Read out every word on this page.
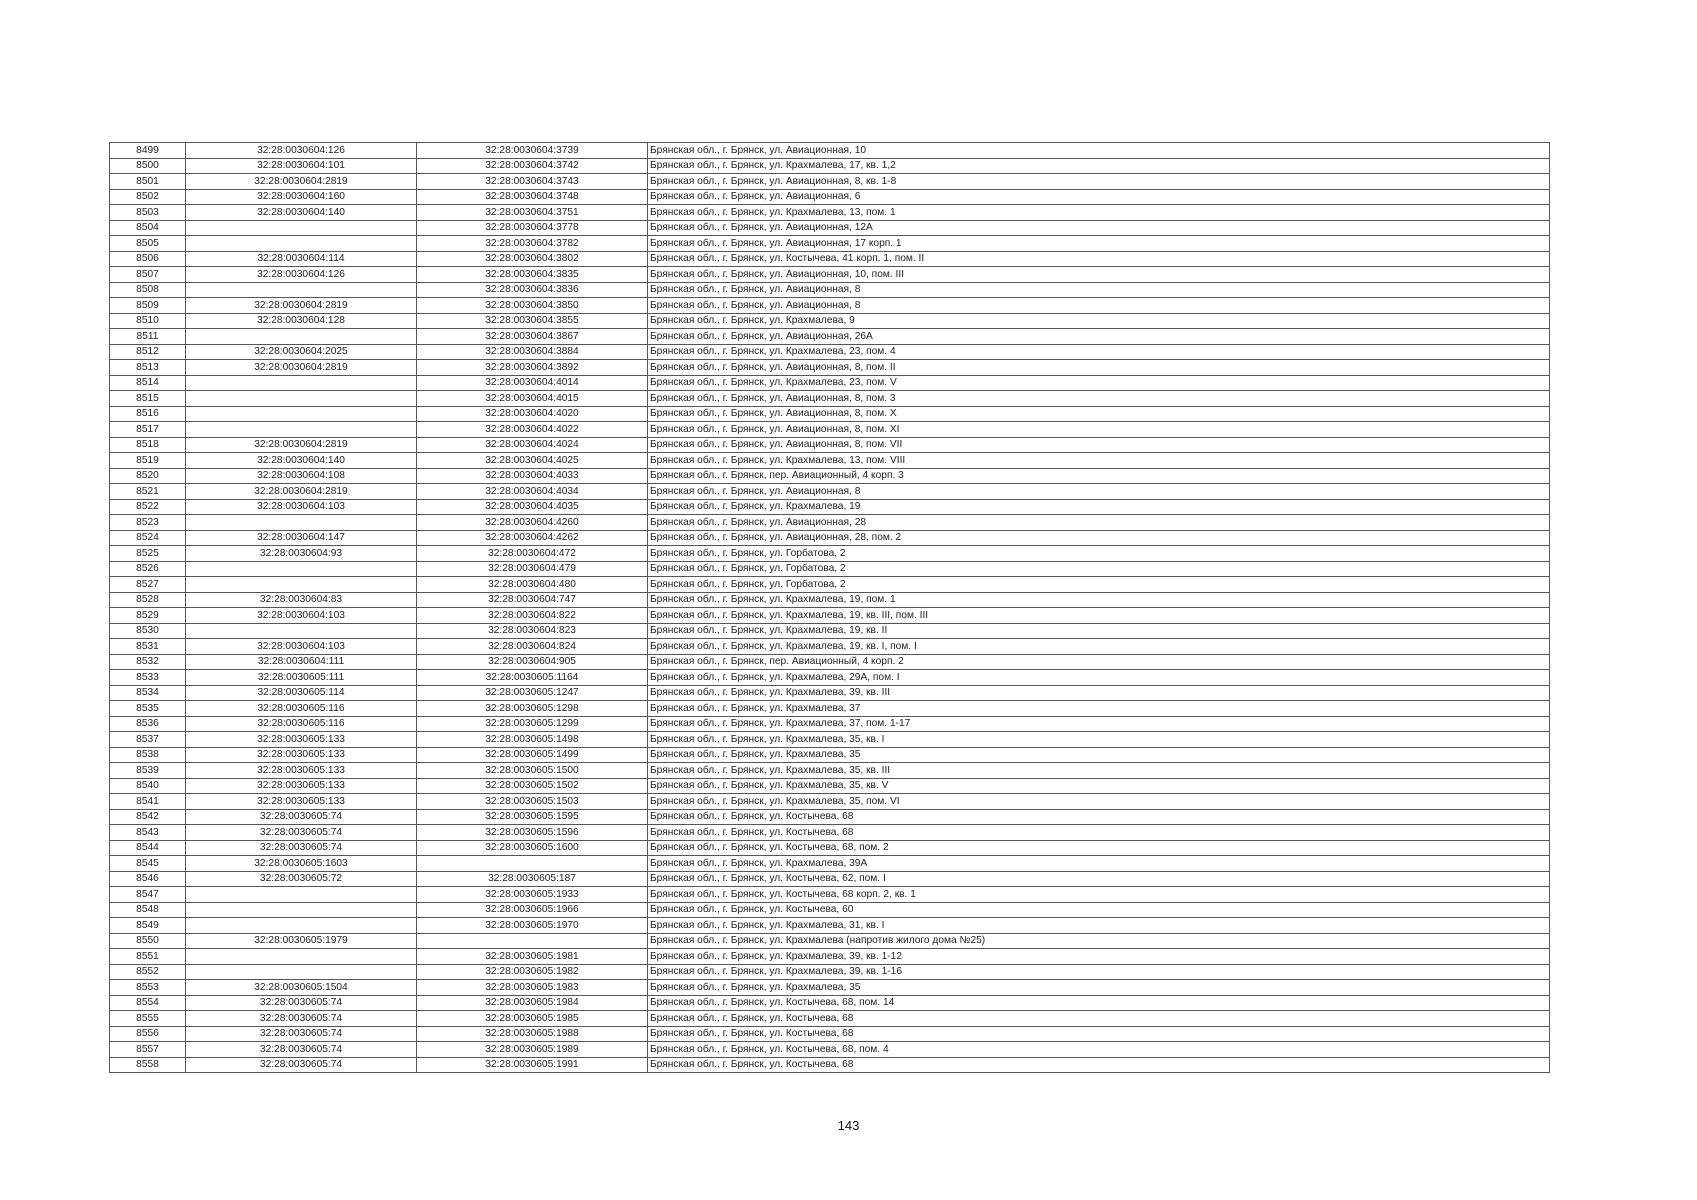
8499	32:28:0030604:126	32:28:0030604:3739	Брянская обл., г. Брянск, ул. Авиационная, 10
8500	32:28:0030604:101	32:28:0030604:3742	Брянская обл., г. Брянск, ул. Крахмалева, 17, кв. 1,2
8501	32:28:0030604:2819	32:28:0030604:3743	Брянская обл., г. Брянск, ул. Авиационная, 8, кв. 1-8
8502	32:28:0030604:160	32:28:0030604:3748	Брянская обл., г. Брянск, ул. Авиационная, 6
8503	32:28:0030604:140	32:28:0030604:3751	Брянская обл., г. Брянск, ул. Крахмалева, 13, пом. 1
8504		32:28:0030604:3778	Брянская обл., г. Брянск, ул. Авиационная, 12А
8505		32:28:0030604:3782	Брянская обл., г. Брянск, ул. Авиационная, 17 корп. 1
8506	32:28:0030604:114	32:28:0030604:3802	Брянская обл., г. Брянск, ул. Костычева, 41 корп. 1, пом. II
8507	32:28:0030604:126	32:28:0030604:3835	Брянская обл., г. Брянск, ул. Авиационная, 10, пом. III
8508		32:28:0030604:3836	Брянская обл., г. Брянск, ул. Авиационная, 8
8509	32:28:0030604:2819	32:28:0030604:3850	Брянская обл., г. Брянск, ул. Авиационная, 8
8510	32:28:0030604:128	32:28:0030604:3855	Брянская обл., г. Брянск, ул. Крахмалева, 9
8511		32:28:0030604:3867	Брянская обл., г. Брянск, ул. Авиационная, 26А
8512	32:28:0030604:2025	32:28:0030604:3884	Брянская обл., г. Брянск, ул. Крахмалева, 23, пом. 4
8513	32:28:0030604:2819	32:28:0030604:3892	Брянская обл., г. Брянск, ул. Авиационная, 8, пом. II
8514		32:28:0030604:4014	Брянская обл., г. Брянск, ул. Крахмалева, 23, пом. V
8515		32:28:0030604:4015	Брянская обл., г. Брянск, ул. Авиационная, 8, пом. 3
8516		32:28:0030604:4020	Брянская обл., г. Брянск, ул. Авиационная, 8, пом. X
8517		32:28:0030604:4022	Брянская обл., г. Брянск, ул. Авиационная, 8, пом. XI
8518	32:28:0030604:2819	32:28:0030604:4024	Брянская обл., г. Брянск, ул. Авиационная, 8, пом. VII
8519	32:28:0030604:140	32:28:0030604:4025	Брянская обл., г. Брянск, ул. Крахмалева, 13, пом. VIII
8520	32:28:0030604:108	32:28:0030604:4033	Брянская обл., г. Брянск, пер. Авиационный, 4 корп. 3
8521	32:28:0030604:2819	32:28:0030604:4034	Брянская обл., г. Брянск, ул. Авиационная, 8
8522	32:28:0030604:103	32:28:0030604:4035	Брянская обл., г. Брянск, ул. Крахмалева, 19
8523		32:28:0030604:4260	Брянская обл., г. Брянск, ул. Авиационная, 28
8524	32:28:0030604:147	32:28:0030604:4262	Брянская обл., г. Брянск, ул. Авиационная, 28, пом. 2
8525	32:28:0030604:93	32:28:0030604:472	Брянская обл., г. Брянск, ул. Горбатова, 2
8526		32:28:0030604:479	Брянская обл., г. Брянск, ул. Горбатова, 2
8527		32:28:0030604:480	Брянская обл., г. Брянск, ул. Горбатова, 2
8528	32:28:0030604:83	32:28:0030604:747	Брянская обл., г. Брянск, ул. Крахмалева, 19, пом. 1
8529	32:28:0030604:103	32:28:0030604:822	Брянская обл., г. Брянск, ул. Крахмалева, 19, кв. III, пом. III
8530		32:28:0030604:823	Брянская обл., г. Брянск, ул. Крахмалева, 19, кв. II
8531	32:28:0030604:103	32:28:0030604:824	Брянская обл., г. Брянск, ул. Крахмалева, 19, кв. I, пом. I
8532	32:28:0030604:111	32:28:0030604:905	Брянская обл., г. Брянск, пер. Авиационный, 4 корп. 2
8533	32:28:0030605:111	32:28:0030605:1164	Брянская обл., г. Брянск, ул. Крахмалева, 29А, пом. I
8534	32:28:0030605:114	32:28:0030605:1247	Брянская обл., г. Брянск, ул. Крахмалева, 39, кв. III
8535	32:28:0030605:116	32:28:0030605:1298	Брянская обл., г. Брянск, ул. Крахмалева, 37
8536	32:28:0030605:116	32:28:0030605:1299	Брянская обл., г. Брянск, ул. Крахмалева, 37, пом. 1-17
8537	32:28:0030605:133	32:28:0030605:1498	Брянская обл., г. Брянск, ул. Крахмалева, 35, кв. I
8538	32:28:0030605:133	32:28:0030605:1499	Брянская обл., г. Брянск, ул. Крахмалева, 35
8539	32:28:0030605:133	32:28:0030605:1500	Брянская обл., г. Брянск, ул. Крахмалева, 35, кв. III
8540	32:28:0030605:133	32:28:0030605:1502	Брянская обл., г. Брянск, ул. Крахмалева, 35, кв. V
8541	32:28:0030605:133	32:28:0030605:1503	Брянская обл., г. Брянск, ул. Крахмалева, 35, пом. VI
8542	32:28:0030605:74	32:28:0030605:1595	Брянская обл., г. Брянск, ул. Костычева, 68
8543	32:28:0030605:74	32:28:0030605:1596	Брянская обл., г. Брянск, ул. Костычева, 68
8544	32:28:0030605:74	32:28:0030605:1600	Брянская обл., г. Брянск, ул. Костычева, 68, пом. 2
8545	32:28:0030605:1603		Брянская обл., г. Брянск, ул. Крахмалева, 39А
8546	32:28:0030605:72	32:28:0030605:187	Брянская обл., г. Брянск, ул. Костычева, 62, пом. I
8547		32:28:0030605:1933	Брянская обл., г. Брянск, ул. Костычева, 68 корп. 2, кв. 1
8548		32:28:0030605:1966	Брянская обл., г. Брянск, ул. Костычева, 60
8549		32:28:0030605:1970	Брянская обл., г. Брянск, ул. Крахмалева, 31, кв. I
8550	32:28:0030605:1979		Брянская обл., г. Брянск, ул. Крахмалева (напротив жилого дома №25)
8551		32:28:0030605:1981	Брянская обл., г. Брянск, ул. Крахмалева, 39, кв. 1-12
8552		32:28:0030605:1982	Брянская обл., г. Брянск, ул. Крахмалева, 39, кв. 1-16
8553	32:28:0030605:1504	32:28:0030605:1983	Брянская обл., г. Брянск, ул. Крахмалева, 35
8554	32:28:0030605:74	32:28:0030605:1984	Брянская обл., г. Брянск, ул. Костычева, 68, пом. 14
8555	32:28:0030605:74	32:28:0030605:1985	Брянская обл., г. Брянск, ул. Костычева, 68
8556	32:28:0030605:74	32:28:0030605:1988	Брянская обл., г. Брянск, ул. Костычева, 68
8557	32:28:0030605:74	32:28:0030605:1989	Брянская обл., г. Брянск, ул. Костычева, 68, пом. 4
8558	32:28:0030605:74	32:28:0030605:1991	Брянская обл., г. Брянск, ул. Костычева, 68
143
